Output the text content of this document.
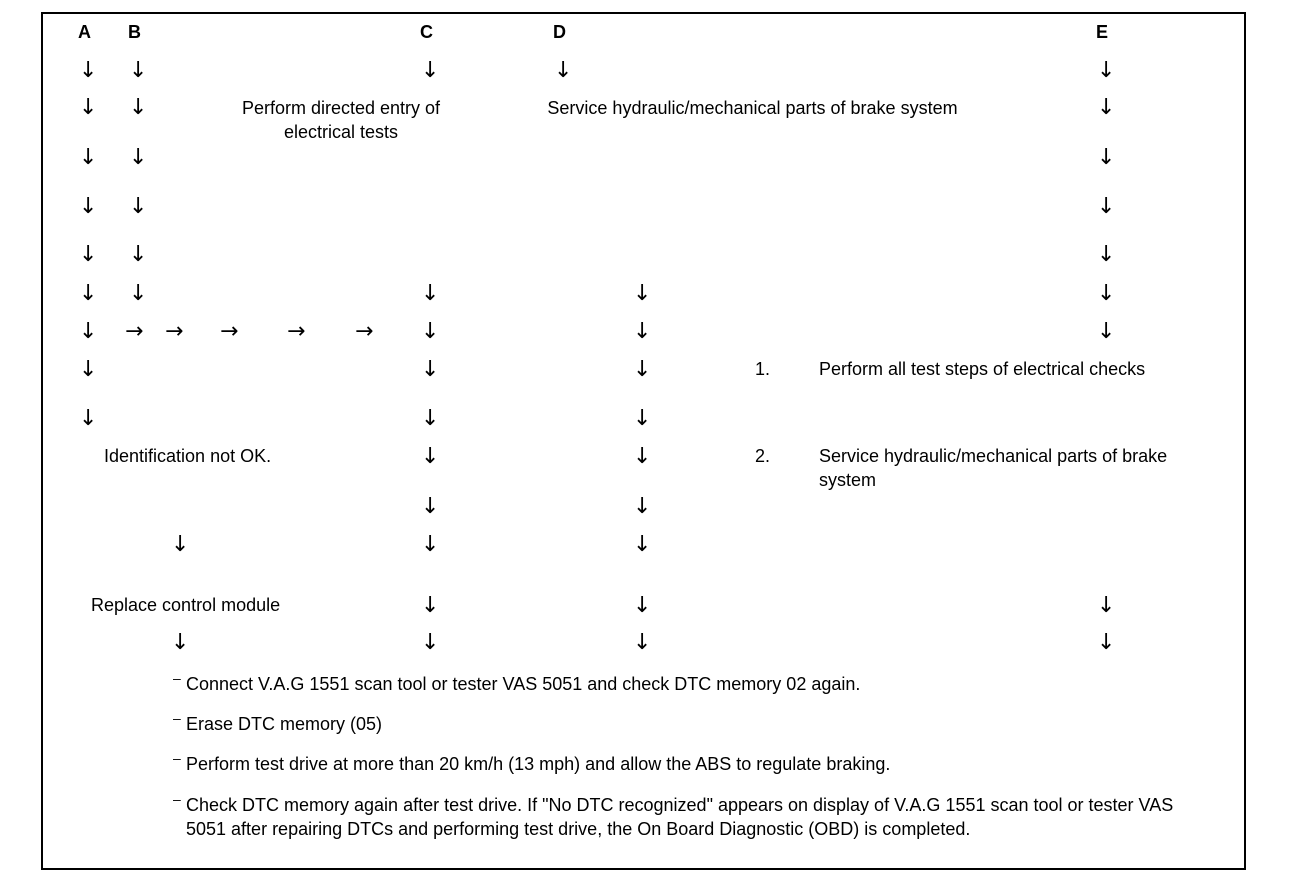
A B	C	D	E
↓
↓
↓
↓
↓
↓
↓
↓
↓
↓
↓
↓
↓
↓
↓
→ → → → →
↓
↓
↓
↓
↓
↓
↓
↓
↓
↓
↓
↓
↓
↓
↓
↓
↓
↓
↓
↓
↓
↓
↓
↓
↓
↓
↓
↓
↓
↓
↓
Perform directed entry of electrical tests
Service hydraulic/mechanical parts of brake system
Identification not OK.
Replace control module
1.	Perform all test steps of electrical checks
2.	Service hydraulic/mechanical parts of brake system
– Connect V.A.G 1551 scan tool or tester VAS 5051 and check DTC memory 02 again.
– Erase DTC memory (05)
– Perform test drive at more than 20 km/h (13 mph) and allow the ABS to regulate braking.
– Check DTC memory again after test drive. If "No DTC recognized" appears on display of V.A.G 1551 scan tool or tester VAS 5051 after repairing DTCs and performing test drive, the On Board Diagnostic (OBD) is completed.
